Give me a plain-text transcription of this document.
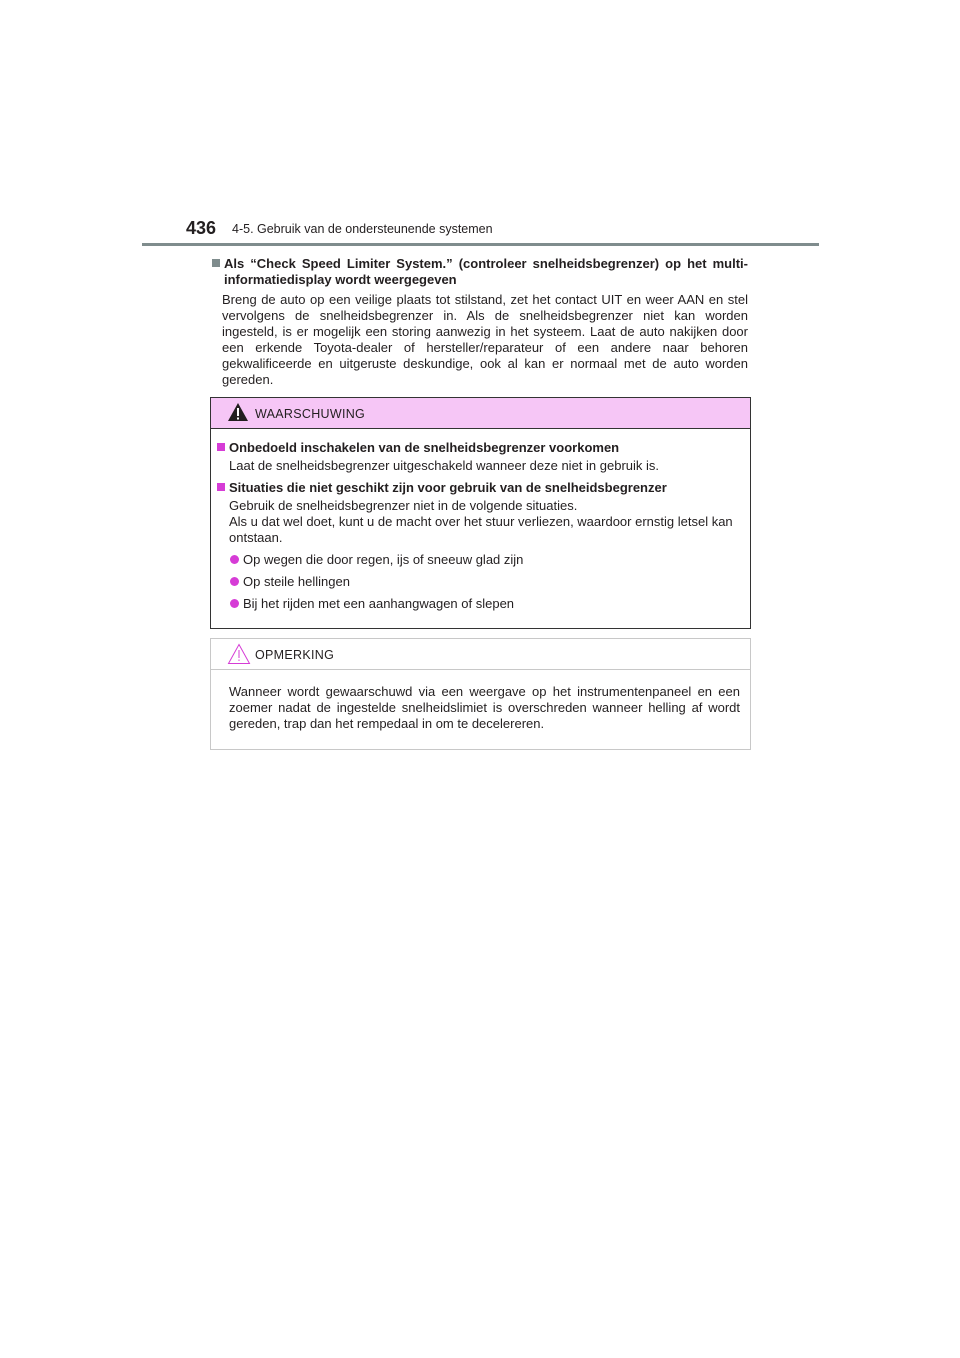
436 4-5. Gebruik van de ondersteunende systemen
Als “Check Speed Limiter System.” (controleer snelheidsbegrenzer) op het multi-informatiedisplay wordt weergegeven

Breng de auto op een veilige plaats tot stilstand, zet het contact UIT en weer AAN en stel vervolgens de snelheidsbegrenzer in. Als de snelheidsbegrenzer niet kan worden ingesteld, is er mogelijk een storing aanwezig in het systeem. Laat de auto nakijken door een erkende Toyota-dealer of hersteller/reparateur of een andere naar behoren gekwalificeerde en uitgeruste deskundige, ook al kan er normaal met de auto worden gereden.

WAARSCHUWING
Onbedoeld inschakelen van de snelheidsbegrenzer voorkomen

Laat de snelheidsbegrenzer uitgeschakeld wanneer deze niet in gebruik is.

Situaties die niet geschikt zijn voor gebruik van de snelheidsbegrenzer

Gebruik de snelheidsbegrenzer niet in de volgende situaties.

Als u dat wel doet, kunt u de macht over het stuur verliezen, waardoor ernstig letsel kan ontstaan.

Op wegen die door regen, ijs of sneeuw glad zijn
Op steile hellingen
Bij het rijden met een aanhangwagen of slepen
OPMERKING
Wanneer wordt gewaarschuwd via een weergave op het instrumentenpaneel en een zoemer nadat de ingestelde snelheidslimiet is overschreden wanneer helling af wordt gereden, trap dan het rempedaal in om te decelereren.
